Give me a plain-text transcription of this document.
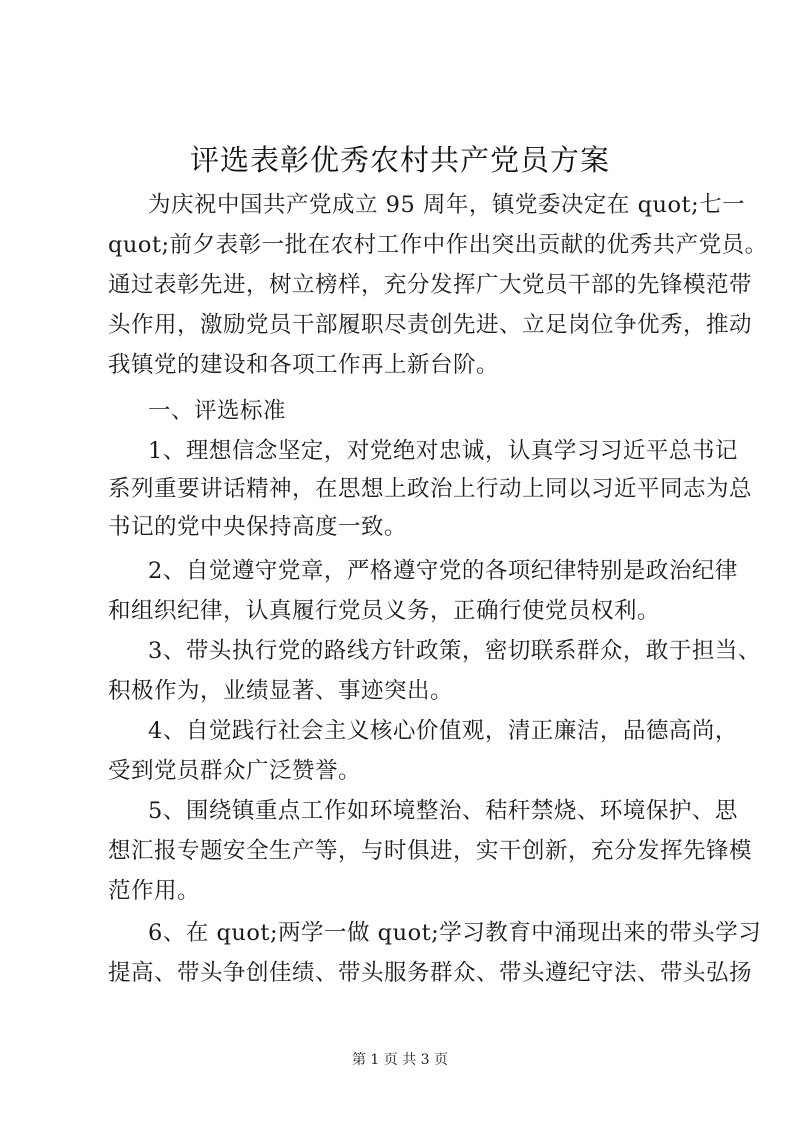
评选表彰优秀农村共产党员方案
为庆祝中国共产党成立 95 周年，镇党委决定在 quot;七一
quot;前夕表彰一批在农村工作中作出突出贡献的优秀共产党员。
通过表彰先进，树立榜样，充分发挥广大党员干部的先锋模范带
头作用，激励党员干部履职尽责创先进、立足岗位争优秀，推动
我镇党的建设和各项工作再上新台阶。
一、评选标准
1、理想信念坚定，对党绝对忠诚，认真学习习近平总书记
系列重要讲话精神，在思想上政治上行动上同以习近平同志为总
书记的党中央保持高度一致。
2、自觉遵守党章，严格遵守党的各项纪律特别是政治纪律
和组织纪律，认真履行党员义务，正确行使党员权利。
3、带头执行党的路线方针政策，密切联系群众，敢于担当、
积极作为，业绩显著、事迹突出。
4、自觉践行社会主义核心价值观，清正廉洁，品德高尚，
受到党员群众广泛赞誉。
5、围绕镇重点工作如环境整治、秸秆禁烧、环境保护、思
想汇报专题安全生产等，与时俱进，实干创新，充分发挥先锋模
范作用。
6、在 quot;两学一做 quot;学习教育中涌现出来的带头学习
提高、带头争创佳绩、带头服务群众、带头遵纪守法、带头弘扬
第 1 页 共 3 页
